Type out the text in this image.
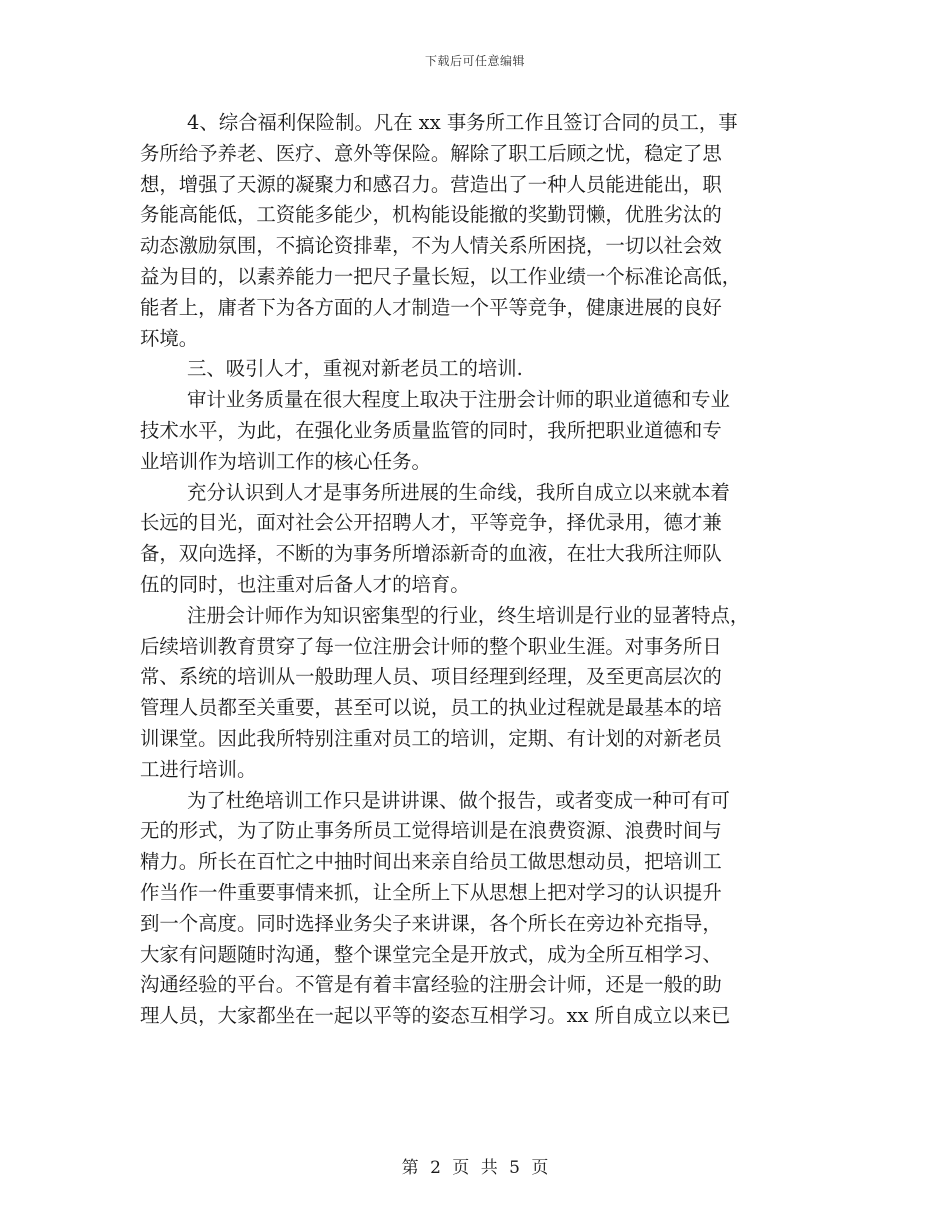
下载后可任意编辑
4、综合福利保险制。凡在 xx 事务所工作且签订合同的员工，事
务所给予养老、医疗、意外等保险。解除了职工后顾之忧，稳定了思
想，增强了天源的凝聚力和感召力。营造出了一种人员能进能出，职
务能高能低，工资能多能少，机构能设能撤的奖勤罚懒，优胜劣汰的
动态激励氛围，不搞论资排辈，不为人情关系所困挠，一切以社会效
益为目的，以素养能力一把尺子量长短，以工作业绩一个标准论高低，
能者上，庸者下为各方面的人才制造一个平等竞争，健康进展的良好
环境。
三、吸引人才，重视对新老员工的培训.
审计业务质量在很大程度上取决于注册会计师的职业道德和专业
技术水平，为此，在强化业务质量监管的同时，我所把职业道德和专
业培训作为培训工作的核心任务。
充分认识到人才是事务所进展的生命线，我所自成立以来就本着
长远的目光，面对社会公开招聘人才，平等竞争，择优录用，德才兼
备，双向选择，不断的为事务所增添新奇的血液，在壮大我所注师队
伍的同时，也注重对后备人才的培育。
注册会计师作为知识密集型的行业，终生培训是行业的显著特点，
后续培训教育贯穿了每一位注册会计师的整个职业生涯。对事务所日
常、系统的培训从一般助理人员、项目经理到经理，及至更高层次的
管理人员都至关重要，甚至可以说，员工的执业过程就是最基本的培
训课堂。因此我所特别注重对员工的培训，定期、有计划的对新老员
工进行培训。
为了杜绝培训工作只是讲讲课、做个报告，或者变成一种可有可
无的形式，为了防止事务所员工觉得培训是在浪费资源、浪费时间与
精力。所长在百忙之中抽时间出来亲自给员工做思想动员，把培训工
作当作一件重要事情来抓，让全所上下从思想上把对学习的认识提升
到一个高度。同时选择业务尖子来讲课，各个所长在旁边补充指导，
大家有问题随时沟通，整个课堂完全是开放式，成为全所互相学习、
沟通经验的平台。不管是有着丰富经验的注册会计师，还是一般的助
理人员，大家都坐在一起以平等的姿态互相学习。xx 所自成立以来已
第 2 页 共 5 页
